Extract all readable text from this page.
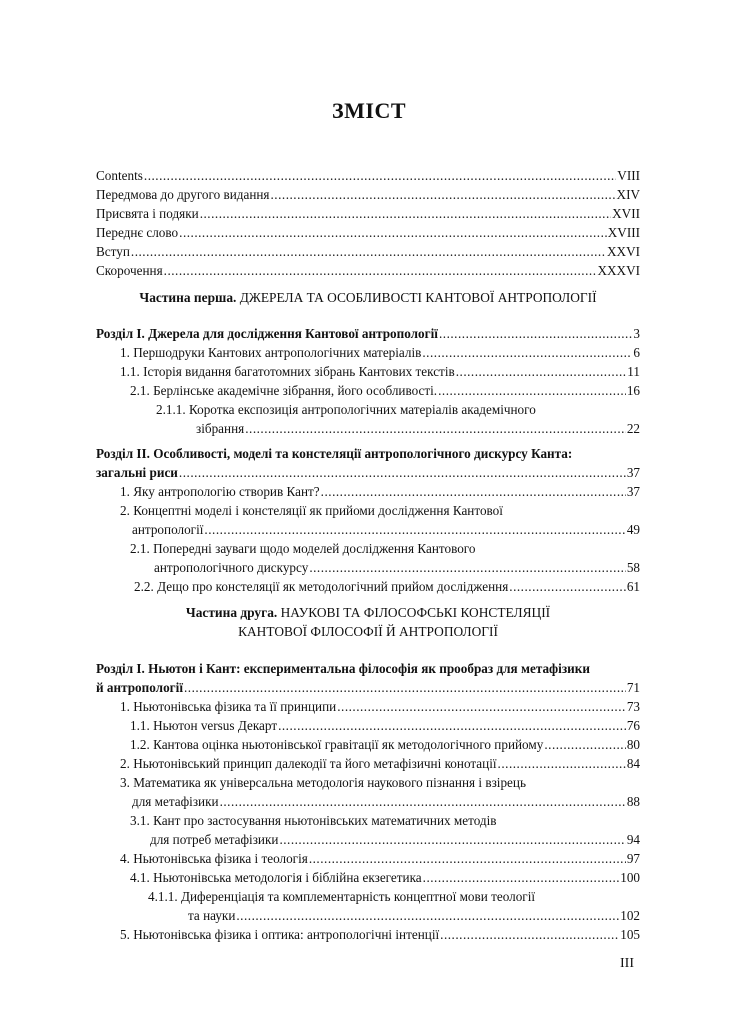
ЗМІСТ
Contents .....	VIII
Передмова до другого видання .....	XIV
Присвята і подяки .....	XVII
Переднє слово .....	XVIII
Вступ .....	XXVI
Скорочення .....	XXXVI
Частина перша. ДЖЕРЕЛА ТА ОСОБЛИВОСТІ КАНТОВОЇ АНТРОПОЛОГІЇ
Розділ І. Джерела для дослідження Кантової антропології .....	3
1. Першодруки Кантових антропологічних матеріалів .....	6
1.1. Історія видання багатотомних зібрань Кантових текстів .....	11
2.1. Берлінське академічне зібрання, його особливості. .....	16
2.1.1. Коротка експозиція антропологічних матеріалів академічного
зібрання .....	22
Розділ ІІ. Особливості, моделі та констеляції антропологічного дискурсу Канта:
загальні риси .....	37
1. Яку антропологію створив Кант? .....	37
2. Концептні моделі і констеляції як прийоми дослідження Кантової
антропології .....	49
2.1. Попередні зауваги щодо моделей дослідження Кантового
антропологічного дискурсу .....	58
2.2. Дещо про констеляції як методологічний прийом дослідження .....	61
Частина друга. НАУКОВІ ТА ФІЛОСОФСЬКІ КОНСТЕЛЯЦІЇ
КАНТОВОЇ ФІЛОСОФІЇ Й АНТРОПОЛОГІЇ
Розділ І. Ньютон і Кант: експериментальна філософія як прообраз для метафізики
й антропології .....	71
1. Ньютонівська фізика та її принципи .....	73
1.1. Ньютон versus Декарт .....	76
1.2. Кантова оцінка ньютонівської гравітації як методологічного прийому .....	80
2. Ньютонівський принцип далекодії та його метафізичні конотації .....	84
3. Математика як універсальна методологія наукового пізнання і взірець
для метафізики .....	88
3.1. Кант про застосування ньютонівських математичних методів
для потреб метафізики .....	94
4. Ньютонівська фізика і теологія .....	97
4.1. Ньютонівська методологія і біблійна екзегетика .....	100
4.1.1. Диференціація та комплементарність концептної мови теології
та науки .....	102
5. Ньютонівська фізика і оптика: антропологічні інтенції .....	105
III
